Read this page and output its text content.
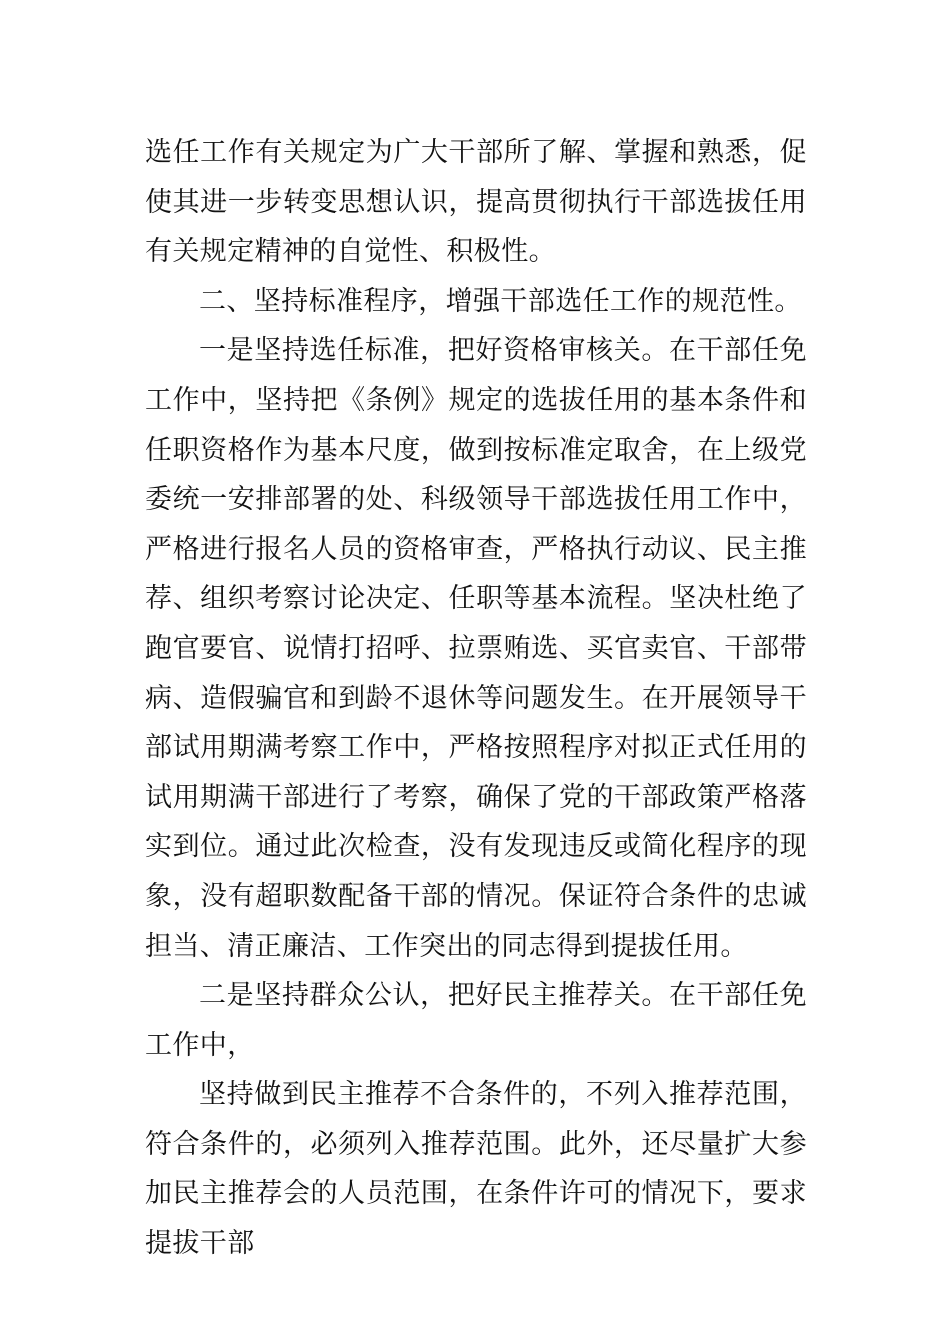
选任工作有关规定为广大干部所了解、掌握和熟悉，促使其进一步转变思想认识，提高贯彻执行干部选拔任用有关规定精神的自觉性、积极性。

二、坚持标准程序，增强干部选任工作的规范性。

一是坚持选任标准，把好资格审核关。在干部任免工作中，坚持把《条例》规定的选拔任用的基本条件和任职资格作为基本尺度，做到按标准定取舍，在上级党委统一安排部署的处、科级领导干部选拔任用工作中，严格进行报名人员的资格审查，严格执行动议、民主推荐、组织考察讨论决定、任职等基本流程。坚决杜绝了跑官要官、说情打招呼、拉票贿选、买官卖官、干部带病、造假骗官和到龄不退休等问题发生。在开展领导干部试用期满考察工作中，严格按照程序对拟正式任用的试用期满干部进行了考察，确保了党的干部政策严格落实到位。通过此次检查，没有发现违反或简化程序的现象，没有超职数配备干部的情况。保证符合条件的忠诚担当、清正廉洁、工作突出的同志得到提拔任用。

二是坚持群众公认，把好民主推荐关。在干部任免工作中，

坚持做到民主推荐不合条件的，不列入推荐范围，符合条件的，必须列入推荐范围。此外，还尽量扩大参加民主推荐会的人员范围，在条件许可的情况下，要求提拔干部
